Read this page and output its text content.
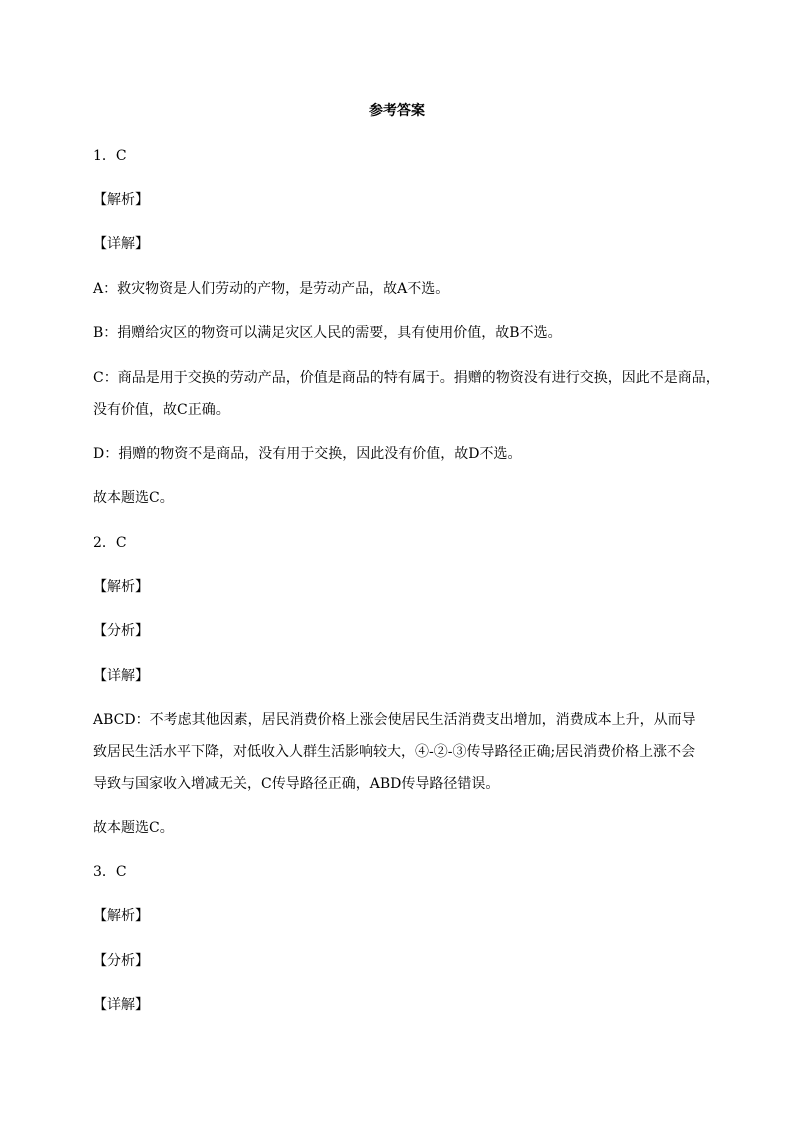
参考答案
1．C
【解析】
【详解】
A：救灾物资是人们劳动的产物，是劳动产品，故A不选。
B：捐赠给灾区的物资可以满足灾区人民的需要，具有使用价值，故B不选。
C：商品是用于交换的劳动产品，价值是商品的特有属于。捐赠的物资没有进行交换，因此不是商品，
没有价值，故C正确。
D：捐赠的物资不是商品，没有用于交换，因此没有价值，故D不选。
故本题选C。
2．C
【解析】
【分析】
【详解】
ABCD：不考虑其他因素，居民消费价格上涨会使居民生活消费支出增加，消费成本上升，从而导
致居民生活水平下降，对低收入人群生活影响较大，④-②-③传导路径正确;居民消费价格上涨不会
导致与国家收入增减无关，C传导路径正确，ABD传导路径错误。
故本题选C。
3．C
【解析】
【分析】
【详解】
